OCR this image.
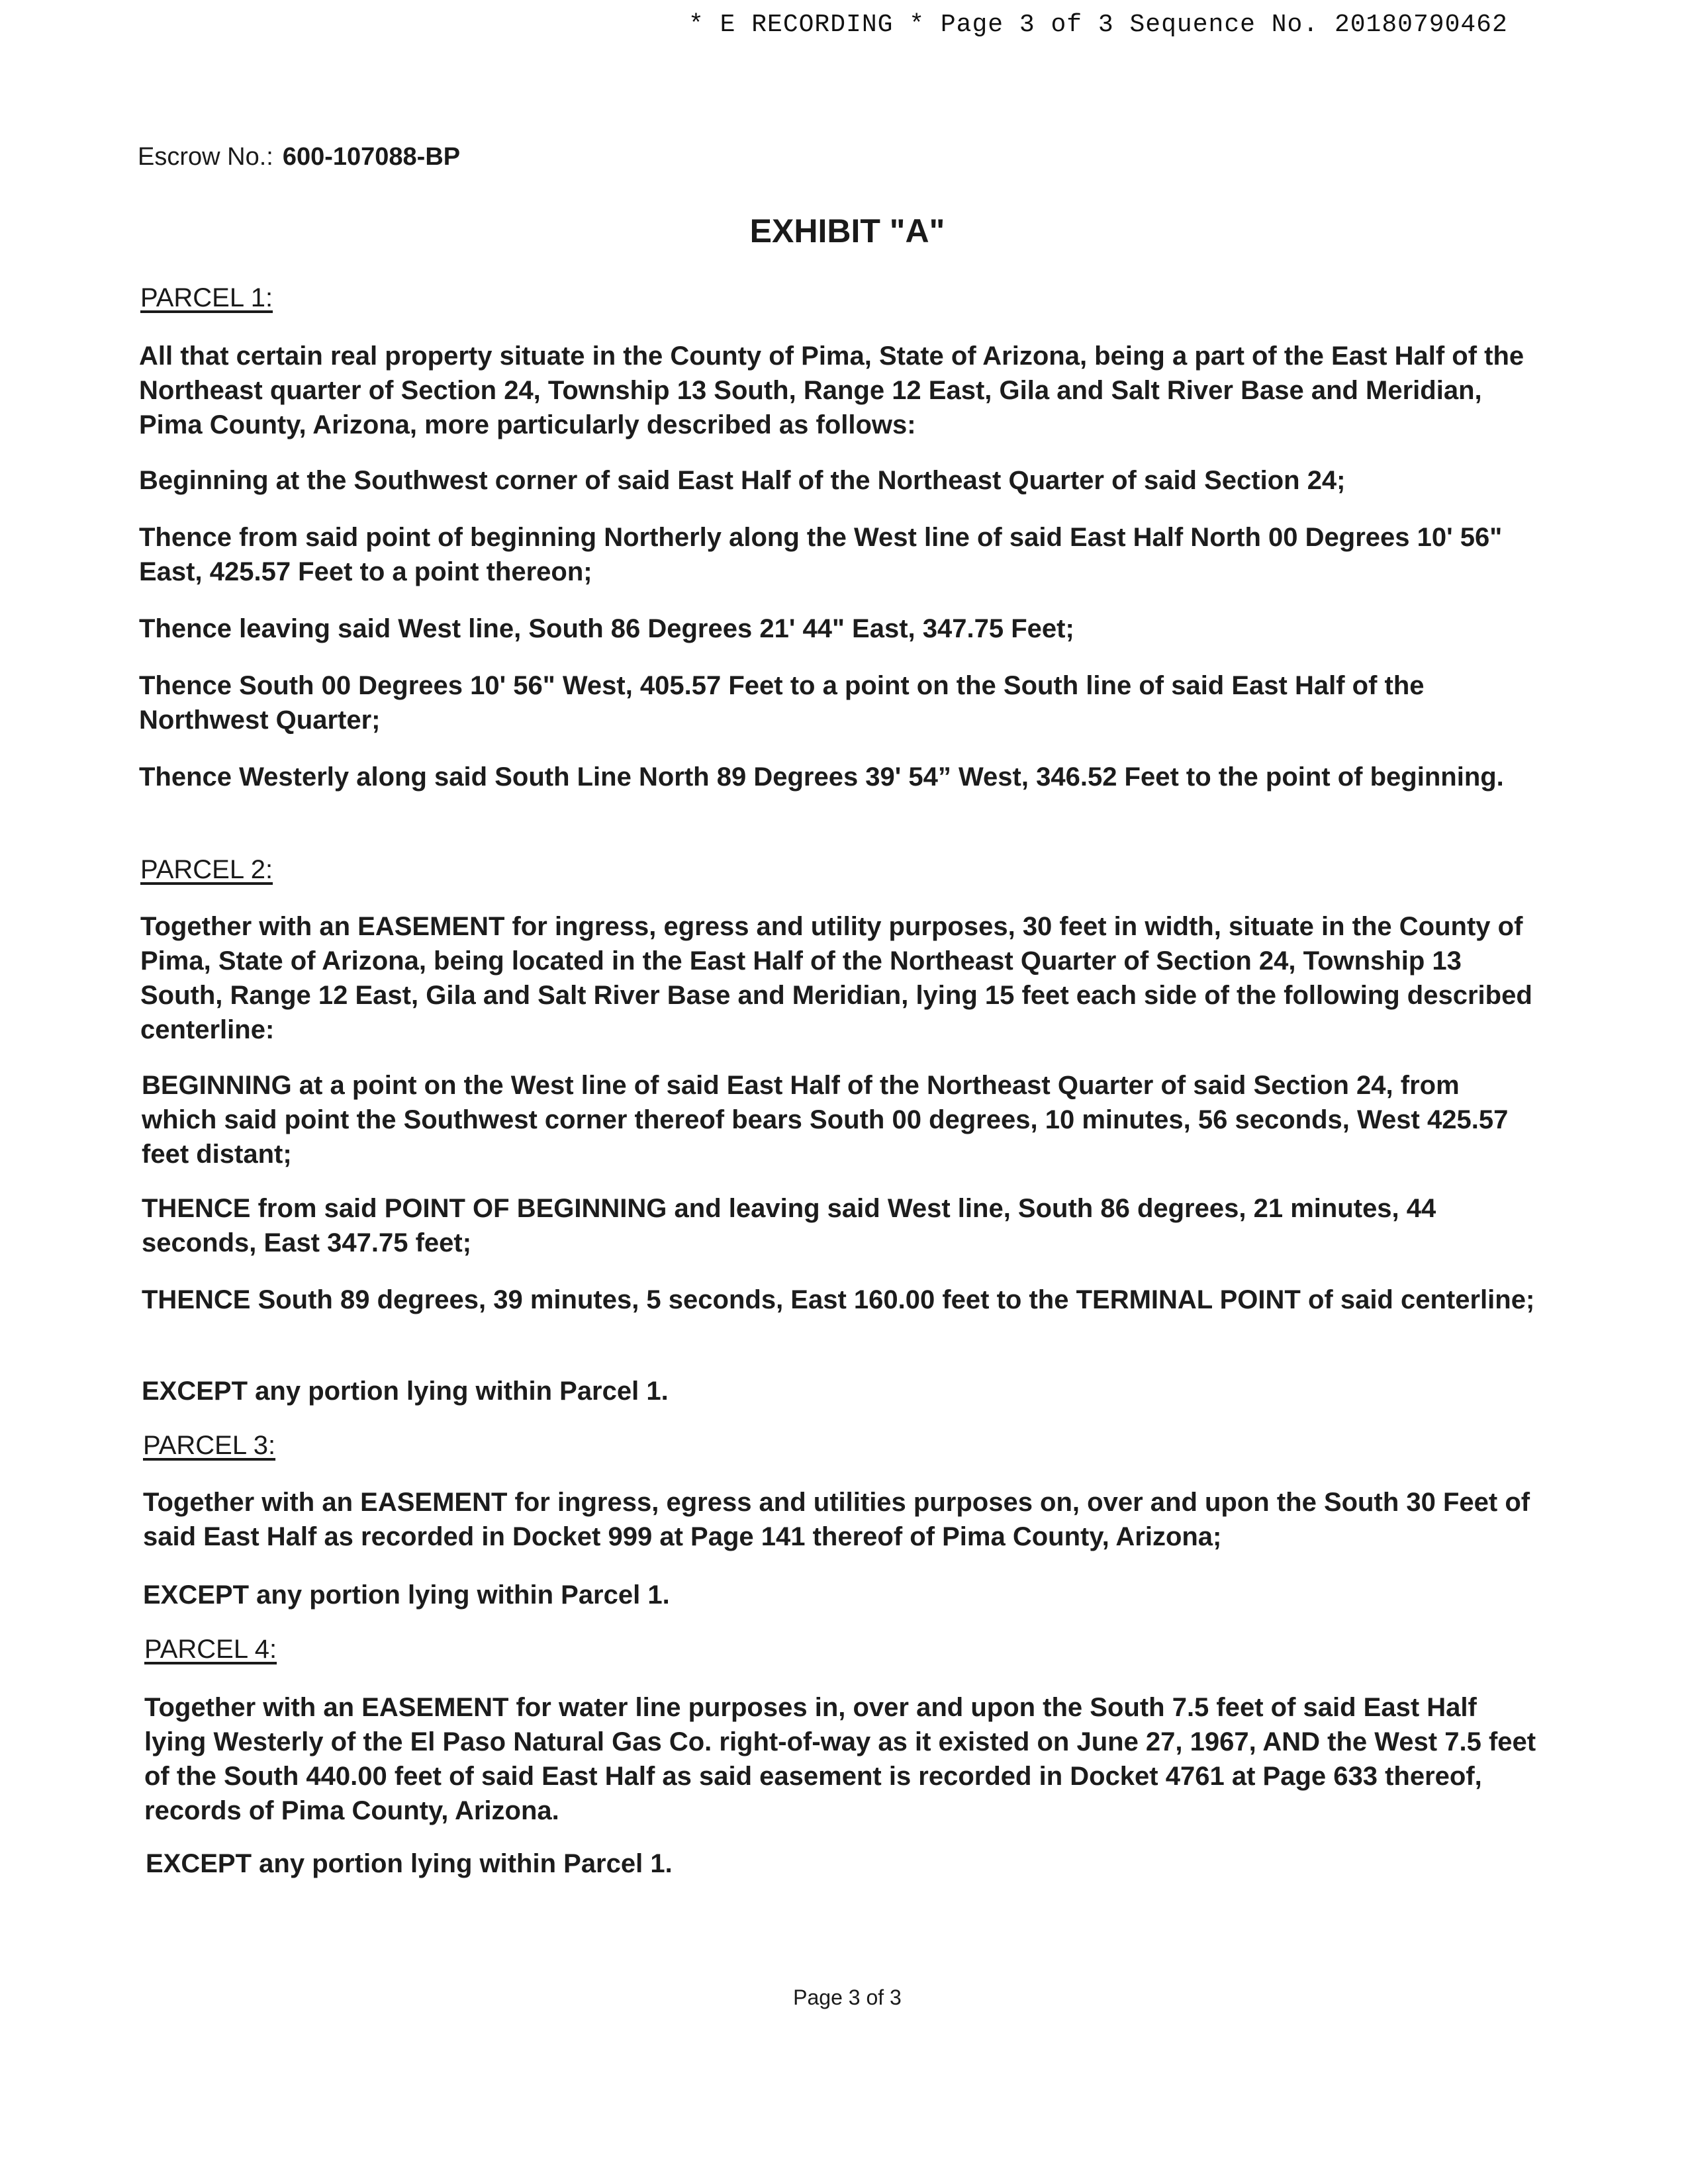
* E RECORDING * Page 3 of 3 Sequence No. 20180790462
Escrow No.: 600-107088-BP
EXHIBIT "A"
PARCEL 1:
All that certain real property situate in the County of Pima, State of Arizona, being a part of the East Half of the Northeast quarter of Section 24, Township 13 South, Range 12 East, Gila and Salt River Base and Meridian, Pima County, Arizona, more particularly described as follows:
Beginning at the Southwest corner of said East Half of the Northeast Quarter of said Section 24;
Thence from said point of beginning Northerly along the West line of said East Half North 00 Degrees 10' 56" East, 425.57 Feet to a point thereon;
Thence leaving said West line, South 86 Degrees 21' 44" East, 347.75 Feet;
Thence South 00 Degrees 10' 56" West, 405.57 Feet to a point on the South line of said East Half of the Northwest Quarter;
Thence Westerly along said South Line North 89 Degrees 39' 54” West, 346.52 Feet to the point of beginning.
PARCEL 2:
Together with an EASEMENT for ingress, egress and utility purposes, 30 feet in width, situate in the County of Pima, State of Arizona, being located in the East Half of the Northeast Quarter of Section 24, Township 13 South, Range 12 East, Gila and Salt River Base and Meridian, lying 15 feet each side of the following described centerline:
BEGINNING at a point on the West line of said East Half of the Northeast Quarter of said Section 24, from which said point the Southwest corner thereof bears South 00 degrees, 10 minutes, 56 seconds, West 425.57 feet distant;
THENCE from said POINT OF BEGINNING and leaving said West line, South 86 degrees, 21 minutes, 44 seconds, East 347.75 feet;
THENCE South 89 degrees, 39 minutes, 5 seconds, East 160.00 feet to the TERMINAL POINT of said centerline;
EXCEPT any portion lying within Parcel 1.
PARCEL 3:
Together with an EASEMENT for ingress, egress and utilities purposes on, over and upon the South 30 Feet of said East Half as recorded in Docket 999 at Page 141 thereof of Pima County, Arizona;
EXCEPT any portion lying within Parcel 1.
PARCEL 4:
Together with an EASEMENT for water line purposes in, over and upon the South 7.5 feet of said East Half lying Westerly of the El Paso Natural Gas Co. right-of-way as it existed on June 27, 1967, AND the West 7.5 feet of the South 440.00 feet of said East Half as said easement is recorded in Docket 4761 at Page 633 thereof, records of Pima County, Arizona.
EXCEPT any portion lying within Parcel 1.
Page 3 of 3
